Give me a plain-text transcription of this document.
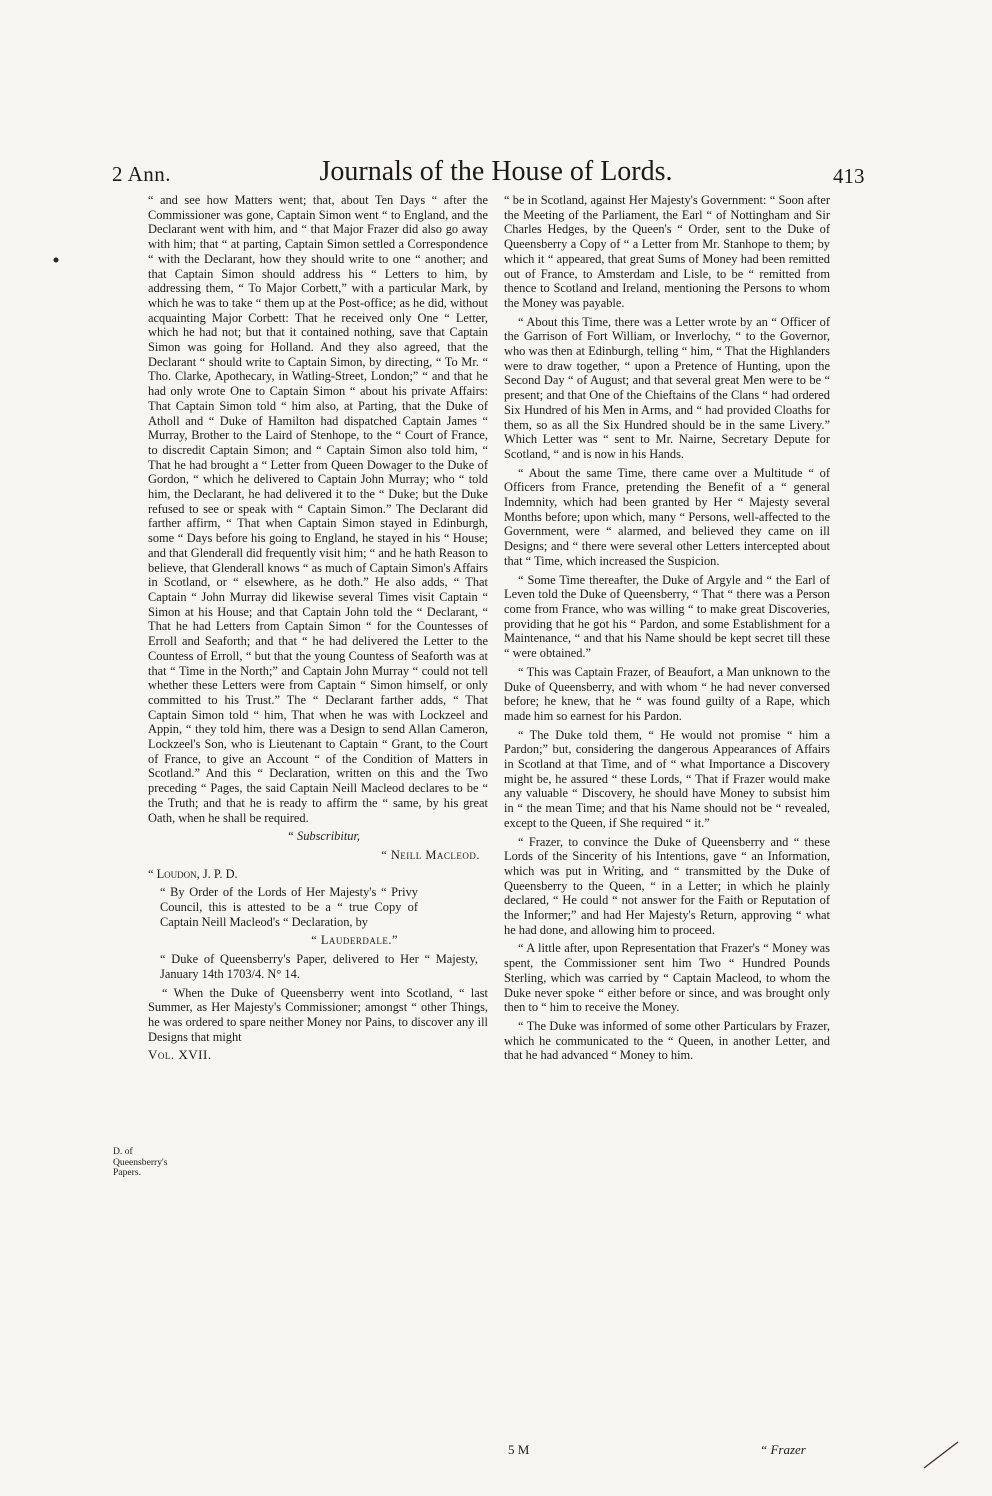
2 Ann.	Journals of the House of Lords.	413

“ and see how Matters went; that, about Ten Days “ after the Commissioner was gone, Captain Simon went “ to England, and the Declarant went with him, and “ that Major Frazer did also go away with him; that “ at parting, Captain Simon settled a Correspondence “ with the Declarant, how they should write to one “ another; and that Captain Simon should address his “ Letters to him, by addressing them, “ To Major Corbett,” with a particular Mark, by which he was to take “ them up at the Post-office; as he did, without acquainting Major Corbett: That he received only One “ Letter, which he had not; but that it contained nothing, save that Captain Simon was going for Holland. And they also agreed, that the Declarant “ should write to Captain Simon, by directing, “ To Mr. “ Tho. Clarke, Apothecary, in Watling-Street, London;” “ and that he had only wrote One to Captain Simon “ about his private Affairs: That Captain Simon told “ him also, at Parting, that the Duke of Atholl and “ Duke of Hamilton had dispatched Captain James “ Murray, Brother to the Laird of Stenhope, to the “ Court of France, to discredit Captain Simon; and “ Captain Simon also told him, “ That he had brought a “ Letter from Queen Dowager to the Duke of Gordon, “ which he delivered to Captain John Murray; who “ told him, the Declarant, he had delivered it to the “ Duke; but the Duke refused to see or speak with “ Captain Simon.” The Declarant did farther affirm, “ That when Captain Simon stayed in Edinburgh, some “ Days before his going to England, he stayed in his “ House; and that Glenderall did frequently visit him; “ and he hath Reason to believe, that Glenderall knows “ as much of Captain Simon's Affairs in Scotland, or “ elsewhere, as he doth.” He also adds, “ That Captain “ John Murray did likewise several Times visit Captain “ Simon at his House; and that Captain John told the “ Declarant, “ That he had Letters from Captain Simon “ for the Countesses of Erroll and Seaforth; and that “ he had delivered the Letter to the Countess of Erroll, “ but that the young Countess of Seaforth was at that “ Time in the North;” and Captain John Murray “ could not tell whether these Letters were from Captain “ Simon himself, or only committed to his Trust.” The “ Declarant farther adds, “ That Captain Simon told “ him, That when he was with Lockzeel and Appin, “ they told him, there was a Design to send Allan Cameron, Lockzeel's Son, who is Lieutenant to Captain “ Grant, to the Court of France, to give an Account “ of the Condition of Matters in Scotland.” And this “ Declaration, written on this and the Two preceding “ Pages, the said Captain Neill Macleod declares to be “ the Truth; and that he is ready to affirm the “ same, by his great Oath, when he shall be required.

“ Subscribitur,

“ Neill Macleod.

“ Loudon, J. P. D.

“ By Order of the Lords of Her Majesty's “ Privy Council, this is attested to be a “ true Copy of Captain Neill Macleod's “ Declaration, by

“ Lauderdale.”

“ Duke of Queensberry's Paper, delivered to Her “ Majesty, January 14th 1703/4. N° 14.

“ When the Duke of Queensberry went into Scotland, “ last Summer, as Her Majesty's Commissioner; amongst “ other Things, he was ordered to spare neither Money nor Pains, to discover any ill Designs that might

Vol. XVII.

D. of Queensberry's Papers.

“ be in Scotland, against Her Majesty's Government: “ Soon after the Meeting of the Parliament, the Earl “ of Nottingham and Sir Charles Hedges, by the Queen's “ Order, sent to the Duke of Queensberry a Copy of “ a Letter from Mr. Stanhope to them; by which it “ appeared, that great Sums of Money had been remitted out of France, to Amsterdam and Lisle, to be “ remitted from thence to Scotland and Ireland, mentioning the Persons to whom the Money was payable.

“ About this Time, there was a Letter wrote by an “ Officer of the Garrison of Fort William, or Inverlochy, “ to the Governor, who was then at Edinburgh, telling “ him, “ That the Highlanders were to draw together, “ upon a Pretence of Hunting, upon the Second Day “ of August; and that several great Men were to be “ present; and that One of the Chieftains of the Clans “ had ordered Six Hundred of his Men in Arms, and “ had provided Cloaths for them, so as all the Six Hundred should be in the same Livery.” Which Letter was “ sent to Mr. Nairne, Secretary Depute for Scotland, “ and is now in his Hands.

“ About the same Time, there came over a Multitude “ of Officers from France, pretending the Benefit of a “ general Indemnity, which had been granted by Her “ Majesty several Months before; upon which, many “ Persons, well-affected to the Government, were “ alarmed, and believed they came on ill Designs; and “ there were several other Letters intercepted about that “ Time, which increased the Suspicion.

“ Some Time thereafter, the Duke of Argyle and “ the Earl of Leven told the Duke of Queensberry, “ That “ there was a Person come from France, who was willing “ to make great Discoveries, providing that he got his “ Pardon, and some Establishment for a Maintenance, “ and that his Name should be kept secret till these “ were obtained.”

“ This was Captain Frazer, of Beaufort, a Man unknown to the Duke of Queensberry, and with whom “ he had never conversed before; he knew, that he “ was found guilty of a Rape, which made him so earnest for his Pardon.

“ The Duke told them, “ He would not promise “ him a Pardon;” but, considering the dangerous Appearances of Affairs in Scotland at that Time, and of “ what Importance a Discovery might be, he assured “ these Lords, “ That if Frazer would make any valuable “ Discovery, he should have Money to subsist him in “ the mean Time; and that his Name should not be “ revealed, except to the Queen, if She required “ it.”

“ Frazer, to convince the Duke of Queensberry and “ these Lords of the Sincerity of his Intentions, gave “ an Information, which was put in Writing, and “ transmitted by the Duke of Queensberry to the Queen, “ in a Letter; in which he plainly declared, “ He could “ not answer for the Faith or Reputation of the Informer;” and had Her Majesty's Return, approving “ what he had done, and allowing him to proceed.

“ A little after, upon Representation that Frazer's “ Money was spent, the Commissioner sent him Two “ Hundred Pounds Sterling, which was carried by “ Captain Macleod, to whom the Duke never spoke “ either before or since, and was brought only then to “ him to receive the Money.

“ The Duke was informed of some other Particulars by Frazer, which he communicated to the “ Queen, in another Letter, and that he had advanced “ Money to him.

5 M	“ Frazer
